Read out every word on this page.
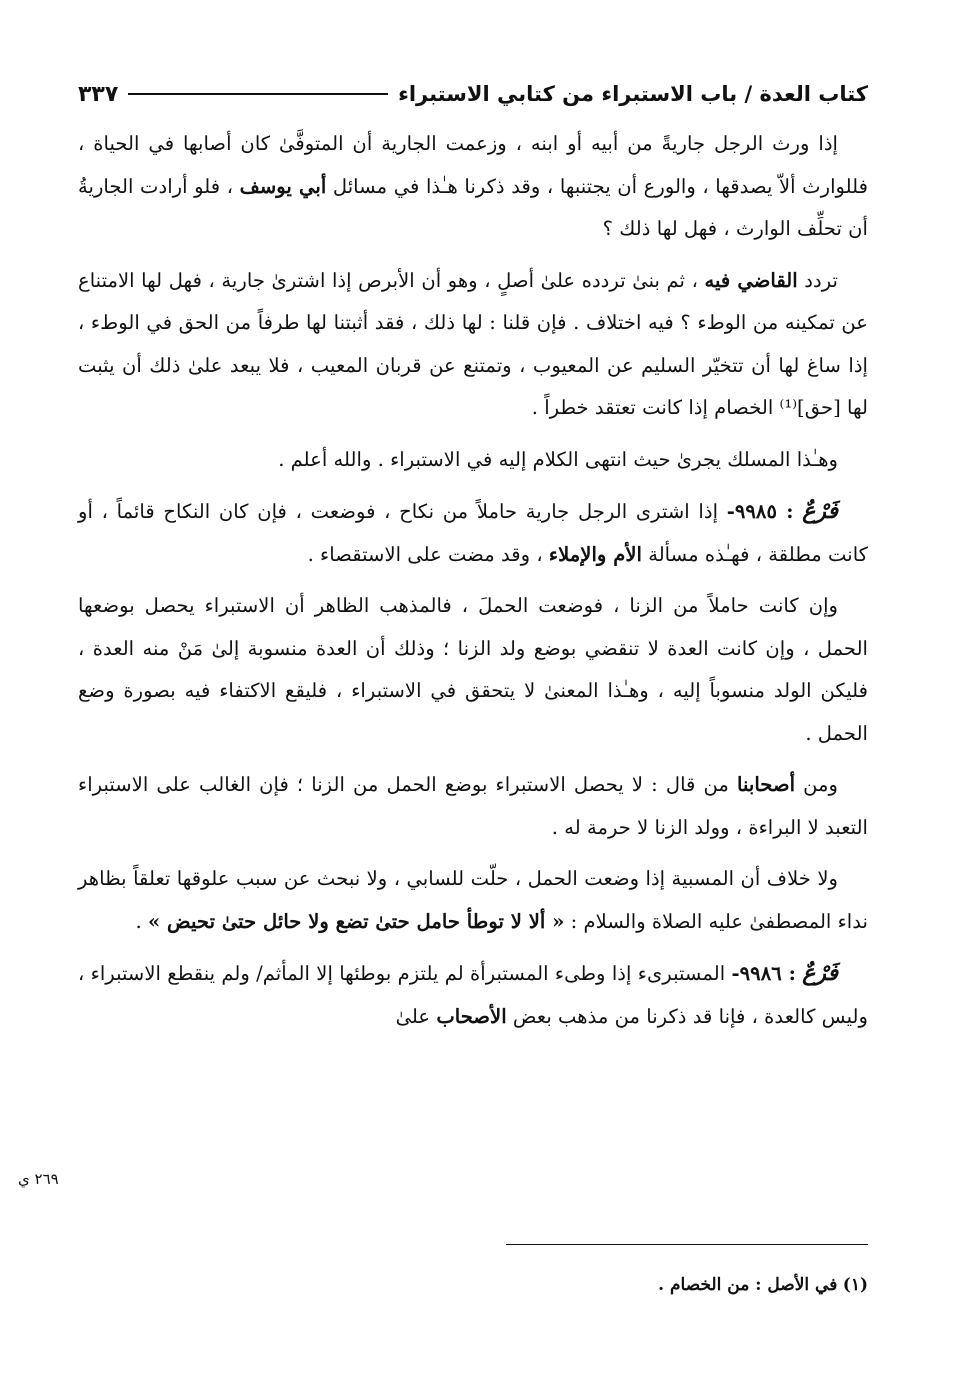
كتاب العدة / باب الاستبراء من كتابي الاستبراء
٣٣٧

إذا ورث الرجل جاريةً من أبيه أو ابنه ، وزعمت الجارية أن المتوفَّىٰ كان أصابها في الحياة ، فللوارث ألاّ يصدقها ، والورع أن يجتنبها ، وقد ذكرنا هـٰذا في مسائل أبي يوسف ، فلو أرادت الجاريةُ أن تحلِّف الوارث ، فهل لها ذلك ؟

تردد القاضي فيه ، ثم بنىٰ تردده علىٰ أصلٍ ، وهو أن الأبرص إذا اشترىٰ جارية ، فهل لها الامتناع عن تمكينه من الوطء ؟ فيه اختلاف . فإن قلنا : لها ذلك ، فقد أثبتنا لها طرفاً من الحق في الوطء ، إذا ساغ لها أن تتخيّر السليم عن المعيوب ، وتمتنع عن قربان المعيب ، فلا يبعد علىٰ ذلك أن يثبت لها [حق]⁽¹⁾ الخصام إذا كانت تعتقد خطراً .

وهـٰذا المسلك يجرىٰ حيث انتهى الكلام إليه في الاستبراء . والله أعلم .

فَرْعٌ : ٩٩٨٥- إذا اشترى الرجل جارية حاملاً من نكاح ، فوضعت ، فإن كان النكاح قائماً ، أو كانت مطلقة ، فهـٰذه مسألة الأم والإملاء ، وقد مضت على الاستقصاء .

وإن كانت حاملاً من الزنا ، فوضعت الحملَ ، فالمذهب الظاهر أن الاستبراء يحصل بوضعها الحمل ، وإن كانت العدة لا تنقضي بوضع ولد الزنا ؛ وذلك أن العدة منسوبة إلىٰ مَنْ منه العدة ، فليكن الولد منسوباً إليه ، وهـٰذا المعنىٰ لا يتحقق في الاستبراء ، فليقع الاكتفاء فيه بصورة وضع الحمل .

ومن أصحابنا من قال : لا يحصل الاستبراء بوضع الحمل من الزنا ؛ فإن الغالب على الاستبراء التعبد لا البراءة ، وولد الزنا لا حرمة له .

ولا خلاف أن المسبية إذا وضعت الحمل ، حلّت للسابي ، ولا نبحث عن سبب علوقها تعلقاً بظاهر نداء المصطفىٰ عليه الصلاة والسلام : « ألا لا توطأ حامل حتىٰ تضع ولا حائل حتىٰ تحيض » .

فَرْعٌ : ٩٩٨٦- المستبرىء إذا وطىء المستبرأة لم يلتزم بوطئها إلا المأثم/ ولم ينقطع الاستبراء ، وليس كالعدة ، فإنا قد ذكرنا من مذهب بعض الأصحاب علىٰ

٢٦٩ ي
(١) في الأصل : من الخصام .
